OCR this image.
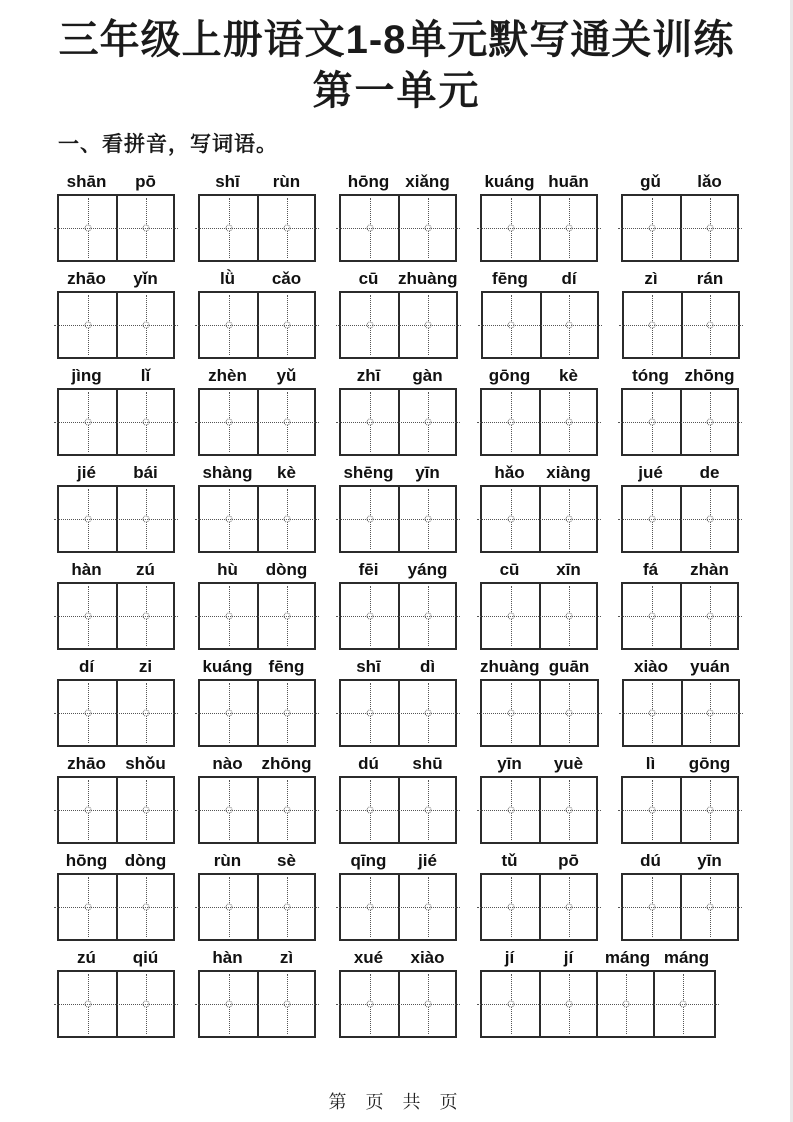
三年级上册语文1-8单元默写通关训练
第一单元
一、看拼音，写词语。
shān	pō	shī	rùn	hōng xiǎng	kuáng huān	gǔ	lǎo
zhāo	yǐn	lǜ	cǎo	cū	zhuàng	fēng	dí	zì	rán
jìng	lǐ	zhèn	yǔ	zhī	gàn	gōng	kè	tóng zhōng
jié	bái	shàng	kè	shēng	yīn	hǎo	xiàng	jué	de
hàn	zú	hù	dòng	fēi	yáng	cū	xīn	fá	zhàn
dí	zi	kuáng fēng	shī	dì	zhuàng guān	xiào	yuán
zhāo	shǒu	nào	zhōng	dú	shū	yīn	yuè	lì	gōng
hōng	dòng	rùn	sè	qīng	jié	tǔ	pō	dú	yīn
zú	qiú	hàn	zì	xué	xiào	jí	jí	máng máng
第 页 共 页
